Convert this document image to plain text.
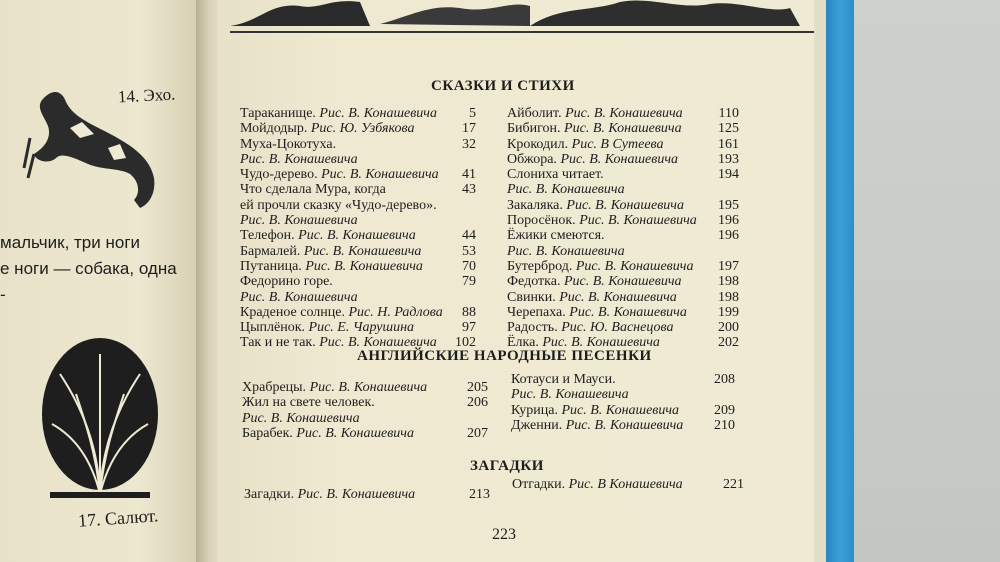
14. Эхо.
мальчик, три ноги
е ноги — собака, одна
-
17. Салют.
СКАЗКИ И СТИХИ
Тараканище. Рис. В. Конашевича 5
Мойдодыр. Рис. Ю. Узбякова	17
Муха-Цокотуха.	32
Рис. В. Конашевича
Чудо-дерево. Рис. В. Конашевича 41
Что сделала Мура, когда	43
ей прочли сказку «Чудо-дерево».
Рис. В. Конашевича
Телефон. Рис. В. Конашевича	44
Бармалей. Рис. В. Конашевича	53
Путаница. Рис. В. Конашевича	70
Федорино горе.	79
Рис. В. Конашевича
Краденое солнце. Рис. Н. Радлова 88
Цыплёнок. Рис. Е. Чарушина	97
Так и не так. Рис. В. Конашевича 102
Айболит. Рис. В. Конашевича	110
Бибигон. Рис. В. Конашевича	125
Крокодил. Рис. В Сутеева	161
Обжора. Рис. В. Конашевича	193
Слониха читает.	194
Рис. В. Конашевича
Закаляка. Рис. В. Конашевича 195
Поросёнок. Рис. В. Конашевича 196
Ёжики смеются.	196
Рис. В. Конашевича
Бутерброд. Рис. В. Конашевича 197
Федотка. Рис. В. Конашевича	198
Свинки. Рис. В. Конашевича	198
Черепаха. Рис. В. Конашевича 199
Радость. Рис. Ю. Васнецова	200
Ёлка. Рис. В. Конашевича	202
АНГЛИЙСКИЕ НАРОДНЫЕ ПЕСЕНКИ
Храбрецы. Рис. В. Конашевича	205
Жил на свете человек.	206
Рис. В. Конашевича
Барабек. Рис. В. Конашевича	207
Котауси и Мауси.	208
Рис. В. Конашевича
Курица. Рис. В. Конашевича 209
Дженни. Рис. В. Конашевича 210
ЗАГАДКИ
Загадки. Рис. В. Конашевича	213
Отгадки. Рис. В Конашевича	221
223
